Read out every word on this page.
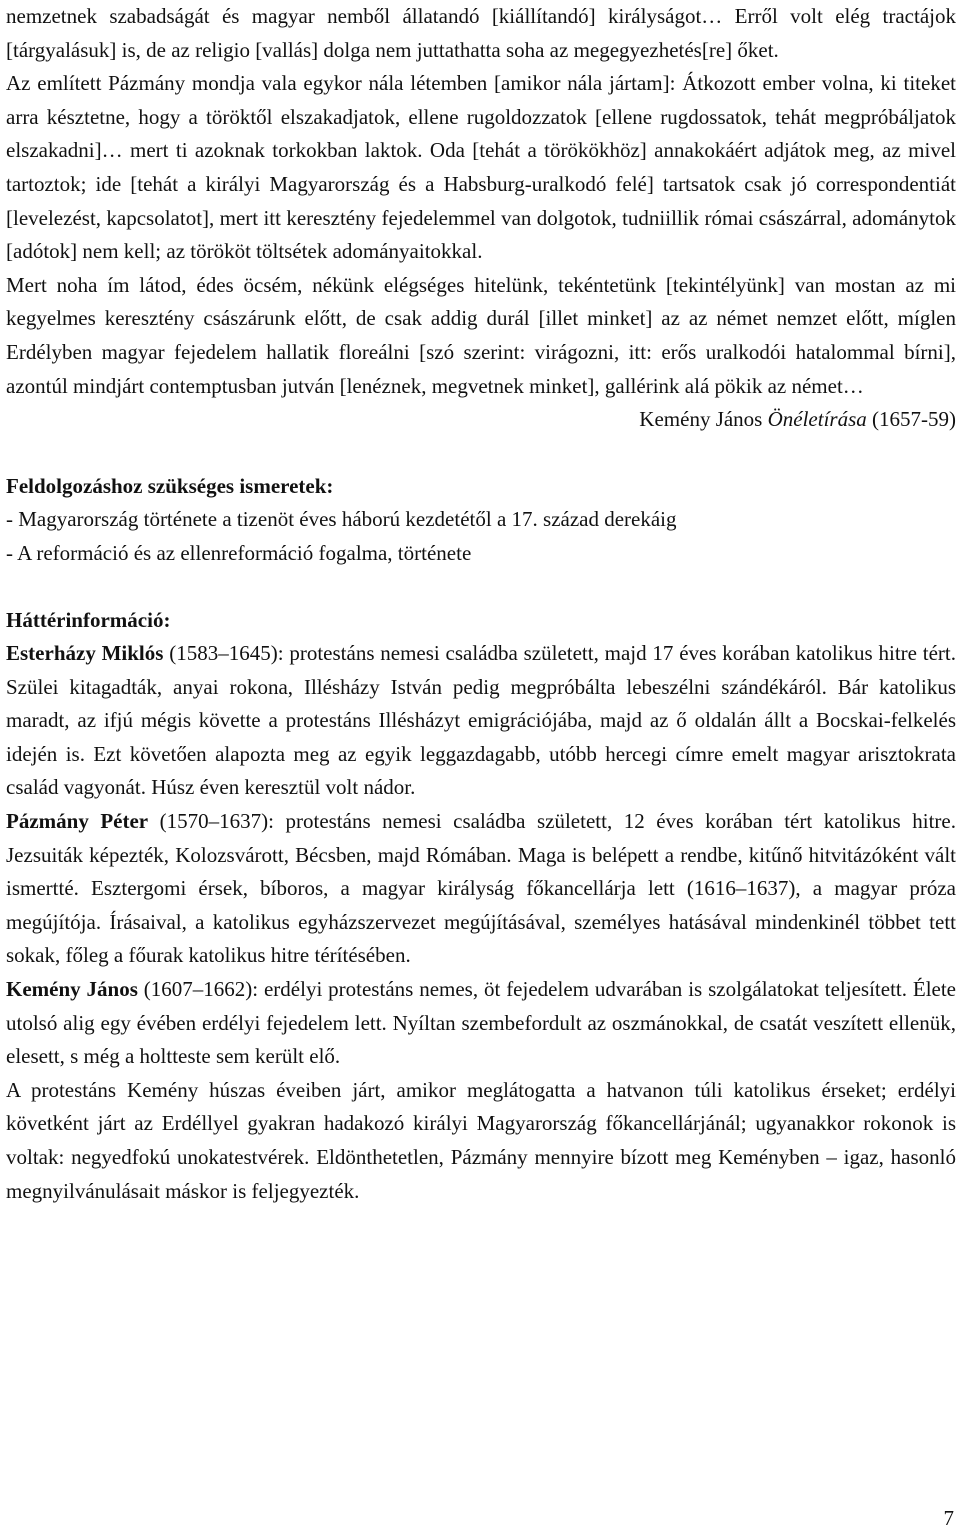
nemzetnek szabadságát és magyar nemből állatandó [kiállítandó] királyságot… Erről volt elég tractájok [tárgyalásuk] is, de az religio [vallás] dolga nem juttathatta soha az megegyezhetés[re] őket.

Az említett Pázmány mondja vala egykor nála létemben [amikor nála jártam]: Átkozott ember volna, ki titeket arra késztetne, hogy a töröktől elszakadjatok, ellene rugoldozzatok [ellene rugdossatok, tehát megpróbáljatok elszakadni]… mert ti azoknak torkokban laktok. Oda [tehát a törökökhöz] annakokáért adjátok meg, az mivel tartoztok; ide [tehát a királyi Magyarország és a Habsburg-uralkodó felé] tartsatok csak jó correspondentiát [levelezést, kapcsolatot], mert itt keresztény fejedelemmel van dolgotok, tudniillik római császárral, adománytok [adótok] nem kell; az törököt töltsétek adományaitokkal.

Mert noha ím látod, édes öcsém, nékünk elégséges hitelünk, tekéntetünk [tekintélyünk] van mostan az mi kegyelmes keresztény császárunk előtt, de csak addig durál [illet minket] az az német nemzet előtt, míglen Erdélyben magyar fejedelem hallatik floreálni [szó szerint: virágozni, itt: erős uralkodói hatalommal bírni], azontúl mindjárt contemptusban jutván [lenéznek, megvetnek minket], gallérink alá pökik az német…

Kemény János Önéletírása (1657-59)

Feldolgozáshoz szükséges ismeretek:

- Magyarország története a tizenöt éves háború kezdetétől a 17. század derekáig

- A reformáció és az ellenreformáció fogalma, története

Háttérinformáció:

Esterházy Miklós (1583–1645): protestáns nemesi családba született, majd 17 éves korában katolikus hitre tért. Szülei kitagadták, anyai rokona, Illésházy István pedig megpróbálta lebeszélni szándékáról. Bár katolikus maradt, az ifjú mégis követte a protestáns Illésházyt emigrációjába, majd az ő oldalán állt a Bocskai-felkelés idején is. Ezt követően alapozta meg az egyik leggazdagabb, utóbb hercegi címre emelt magyar arisztokrata család vagyonát. Húsz éven keresztül volt nádor.

Pázmány Péter (1570–1637): protestáns nemesi családba született, 12 éves korában tért katolikus hitre. Jezsuiták képezték, Kolozsvárott, Bécsben, majd Rómában. Maga is belépett a rendbe, kitűnő hitvitázóként vált ismertté. Esztergomi érsek, bíboros, a magyar királyság főkancellárja lett (1616–1637), a magyar próza megújítója. Írásaival, a katolikus egyházszervezet megújításával, személyes hatásával mindenkinél többet tett sokak, főleg a főurak katolikus hitre térítésében.

Kemény János (1607–1662): erdélyi protestáns nemes, öt fejedelem udvarában is szolgálatokat teljesített. Élete utolsó alig egy évében erdélyi fejedelem lett. Nyíltan szembefordult az oszmánokkal, de csatát veszített ellenük, elesett, s még a holtteste sem került elő.

A protestáns Kemény húszas éveiben járt, amikor meglátogatta a hatvanon túli katolikus érseket; erdélyi követként járt az Erdéllyel gyakran hadakozó királyi Magyarország főkancellárjánál; ugyanakkor rokonok is voltak: negyedfokú unokatestvérek. Eldönthetetlen, Pázmány mennyire bízott meg Keményben – igaz, hasonló megnyilvánulásait máskor is feljegyezték.

7
